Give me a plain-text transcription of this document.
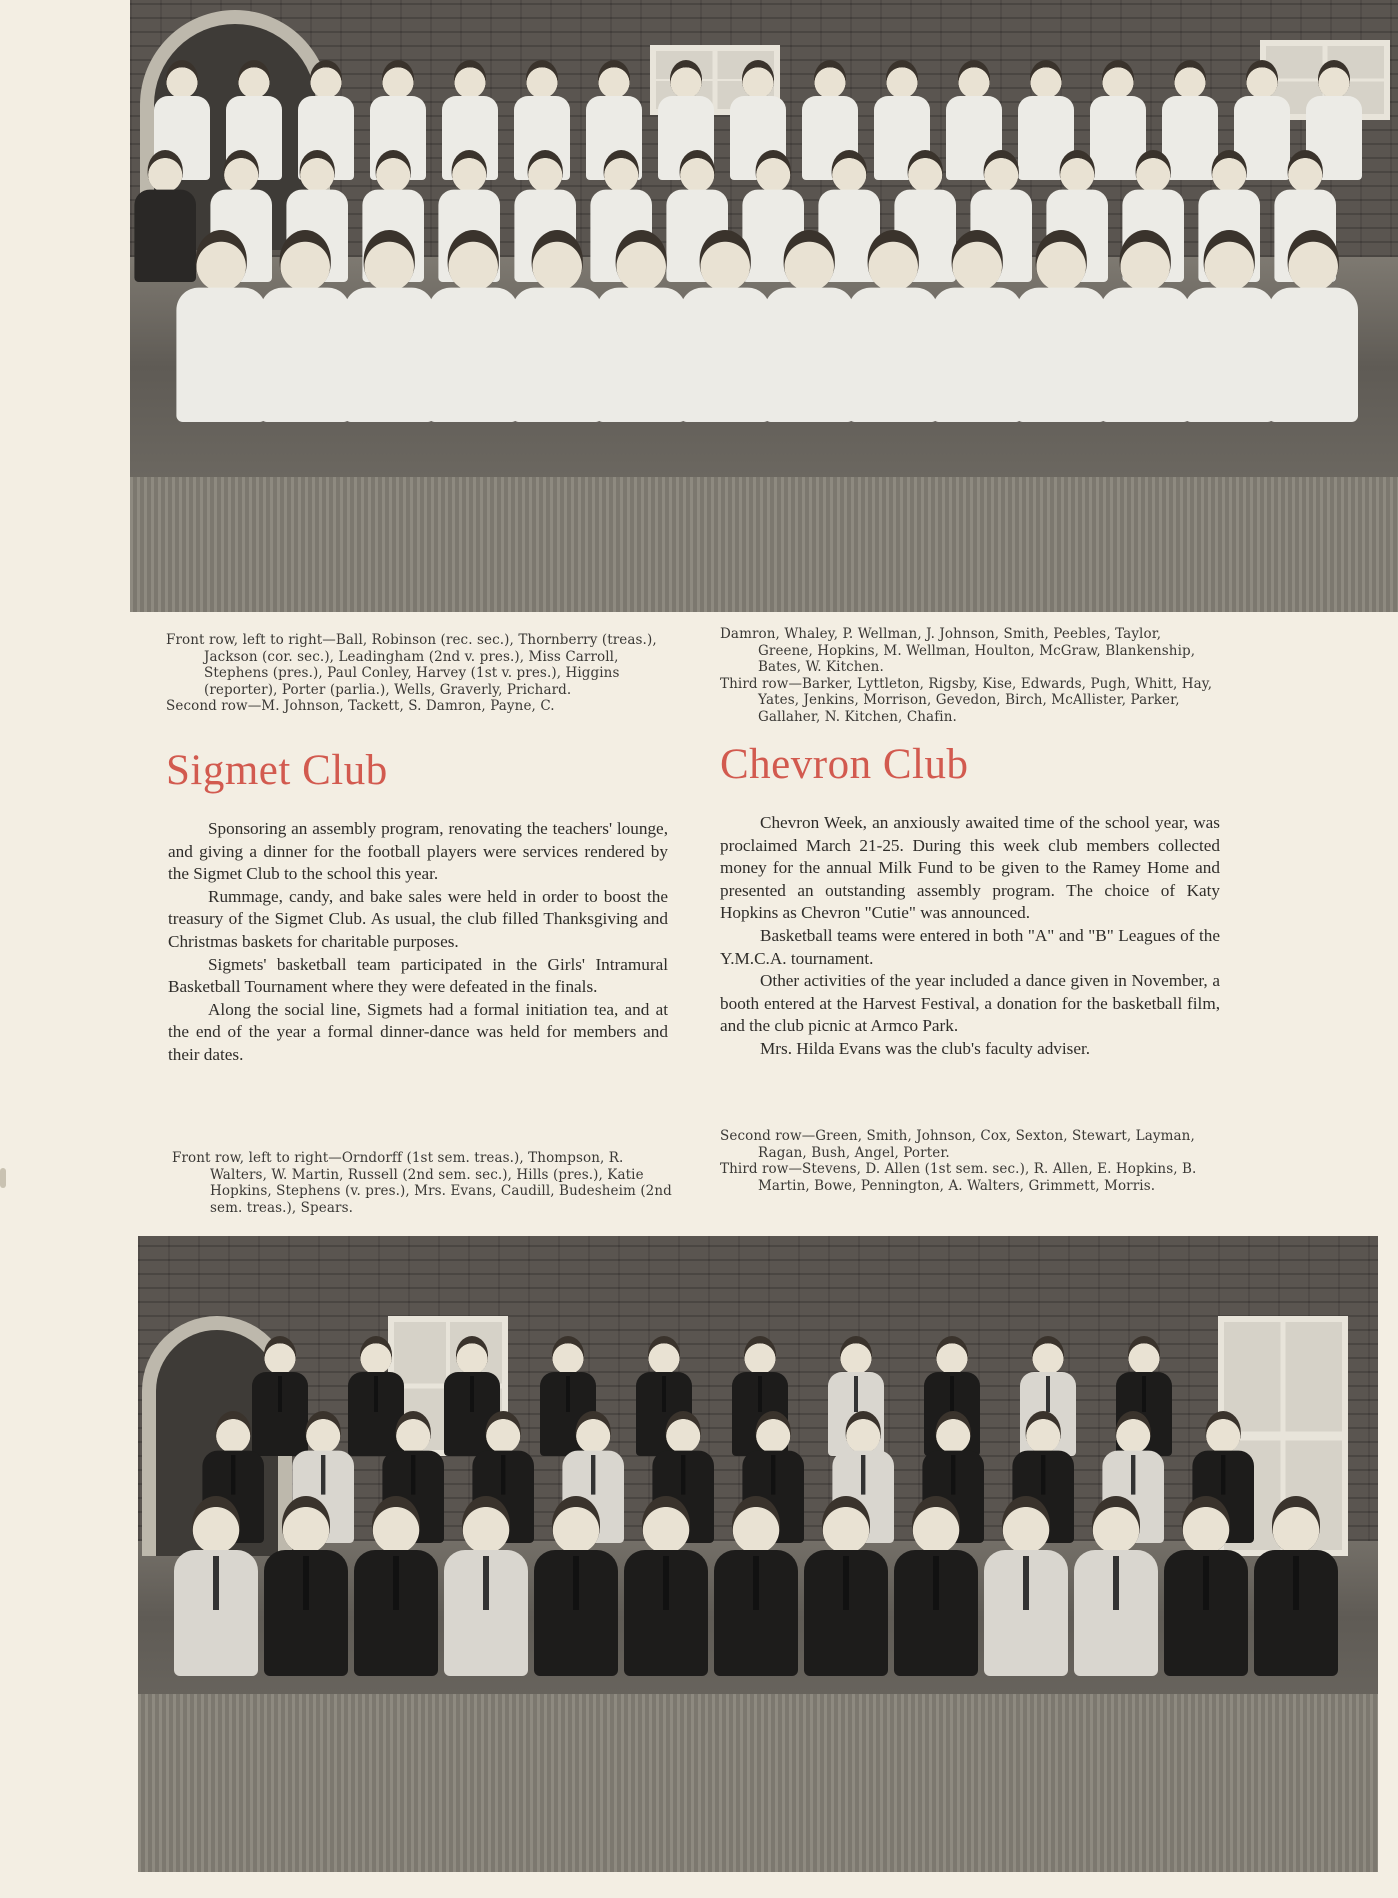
Front row, left to right—Ball, Robinson (rec. sec.), Thornberry (treas.), Jackson (cor. sec.), Leadingham (2nd v. pres.), Miss Carroll, Stephens (pres.), Paul Conley, Harvey (1st v. pres.), Higgins (reporter), Porter (parlia.), Wells, Graverly, Prichard.

Second row—M. Johnson, Tackett, S. Damron, Payne, C.

Damron, Whaley, P. Wellman, J. Johnson, Smith, Peebles, Taylor, Greene, Hopkins, M. Wellman, Houlton, McGraw, Blankenship, Bates, W. Kitchen.

Third row—Barker, Lyttleton, Rigsby, Kise, Edwards, Pugh, Whitt, Hay, Yates, Jenkins, Morrison, Gevedon, Birch, McAllister, Parker, Gallaher, N. Kitchen, Chafin.

Sigmet Club	Chevron Club

Sponsoring an assembly program, renovating the teachers' lounge, and giving a dinner for the football players were services rendered by the Sigmet Club to the school this year.

Rummage, candy, and bake sales were held in order to boost the treasury of the Sigmet Club. As usual, the club filled Thanksgiving and Christmas baskets for charitable purposes.

Sigmets' basketball team participated in the Girls' Intramural Basketball Tournament where they were defeated in the finals.

Along the social line, Sigmets had a formal initiation tea, and at the end of the year a formal dinner-dance was held for members and their dates.

Chevron Week, an anxiously awaited time of the school year, was proclaimed March 21-25. During this week club members collected money for the annual Milk Fund to be given to the Ramey Home and presented an outstanding assembly program. The choice of Katy Hopkins as Chevron "Cutie" was announced.

Basketball teams were entered in both "A" and "B" Leagues of the Y.M.C.A. tournament.

Other activities of the year included a dance given in November, a booth entered at the Harvest Festival, a donation for the basketball film, and the club picnic at Armco Park.

Mrs. Hilda Evans was the club's faculty adviser.

Front row, left to right—Orndorff (1st sem. treas.), Thompson, R. Walters, W. Martin, Russell (2nd sem. sec.), Hills (pres.), Katie Hopkins, Stephens (v. pres.), Mrs. Evans, Caudill, Budesheim (2nd sem. treas.), Spears.

Second row—Green, Smith, Johnson, Cox, Sexton, Stewart, Layman, Ragan, Bush, Angel, Porter.

Third row—Stevens, D. Allen (1st sem. sec.), R. Allen, E. Hopkins, B. Martin, Bowe, Pennington, A. Walters, Grimmett, Morris.
